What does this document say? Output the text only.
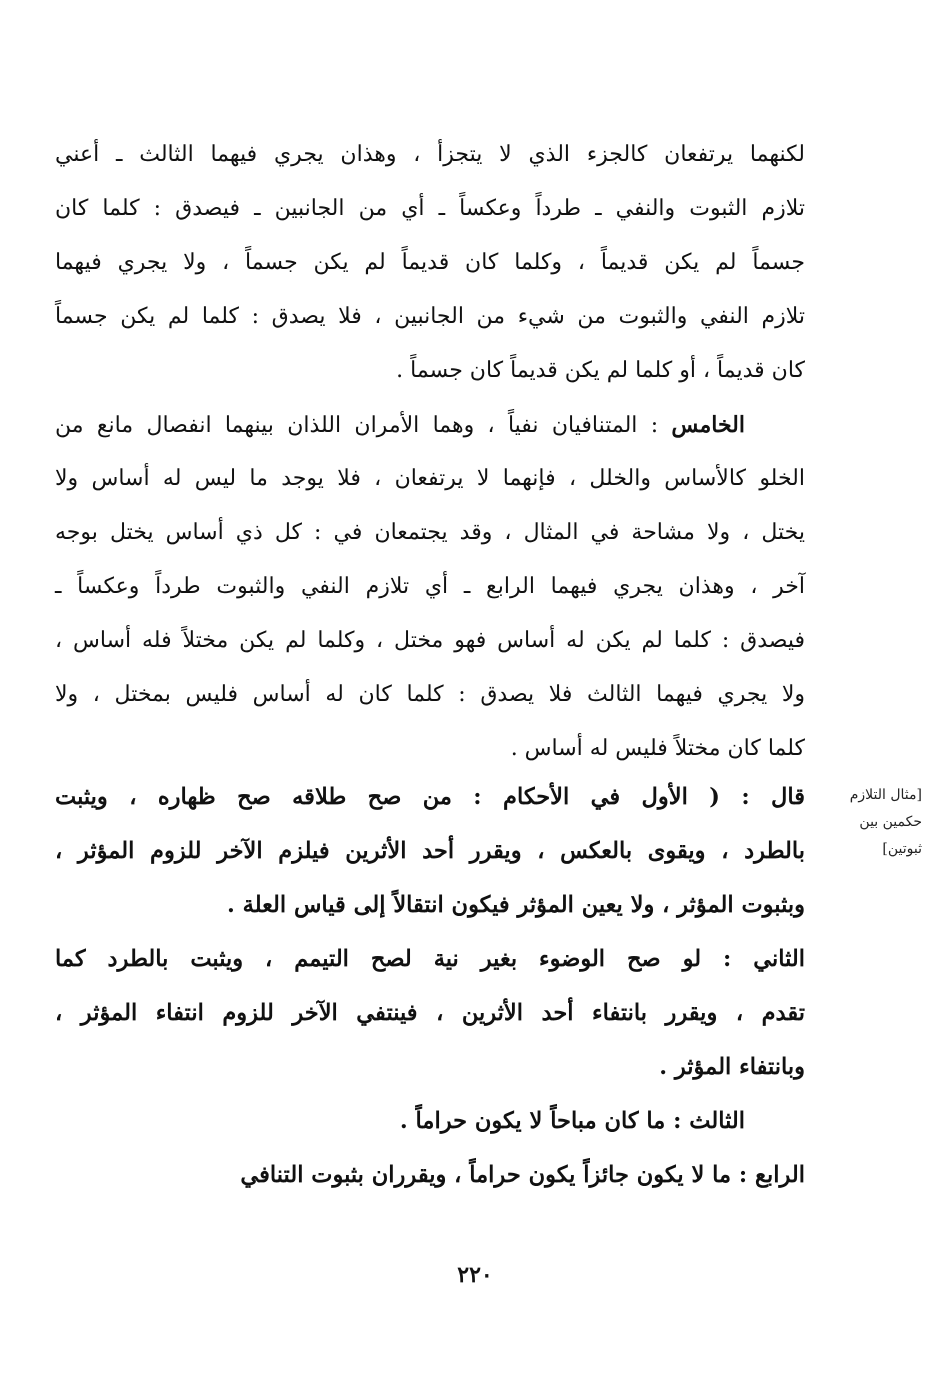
لكنهما يرتفعان كالجزء الذي لا يتجزأ ، وهذان يجري فيهما الثالث ـ أعني
تلازم الثبوت والنفي ـ طرداً وعكساً ـ أي من الجانبين ـ فيصدق : كلما كان
جسماً لم يكن قديماً ، وكلما كان قديماً لم يكن جسماً ، ولا يجري فيهما
تلازم النفي والثبوت من شيء من الجانبين ، فلا يصدق : كلما لم يكن جسماً
كان قديماً ، أو كلما لم يكن قديماً كان جسماً .
الخامس : المتنافيان نفياً ، وهما الأمران اللذان بينهما انفصال مانع من
الخلو كالأساس والخلل ، فإنهما لا يرتفعان ، فلا يوجد ما ليس له أساس ولا
يختل ، ولا مشاحة في المثال ، وقد يجتمعان في : كل ذي أساس يختل بوجه
آخر ، وهذان يجري فيهما الرابع ـ أي تلازم النفي والثبوت طرداً وعكساً ـ
فيصدق : كلما لم يكن له أساس فهو مختل ، وكلما لم يكن مختلاً فله أساس ،
ولا يجري فيهما الثالث فلا يصدق : كلما كان له أساس فليس بمختل ، ولا
كلما كان مختلاً فليس له أساس .
قال : ( الأول في الأحكام : من صح طلاقه صح ظهاره ، ويثبت
بالطرد ، ويقوى بالعكس ، ويقرر أحد الأثرين فيلزم الآخر للزوم المؤثر ،
وبثبوت المؤثر ، ولا يعين المؤثر فيكون انتقالاً إلى قياس العلة .
الثاني : لو صح الوضوء بغير نية لصح التيمم ، ويثبت بالطرد كما
تقدم ، ويقرر بانتفاء أحد الأثرين ، فينتفي الآخر للزوم انتفاء المؤثر ،
وبانتفاء المؤثر .
الثالث : ما كان مباحاً لا يكون حراماً .
الرابع : ما لا يكون جائزاً يكون حراماً ، ويقرران بثبوت التنافي
[مثال التلازم
حكمين بين
ثبوتين]
٢٢٠
